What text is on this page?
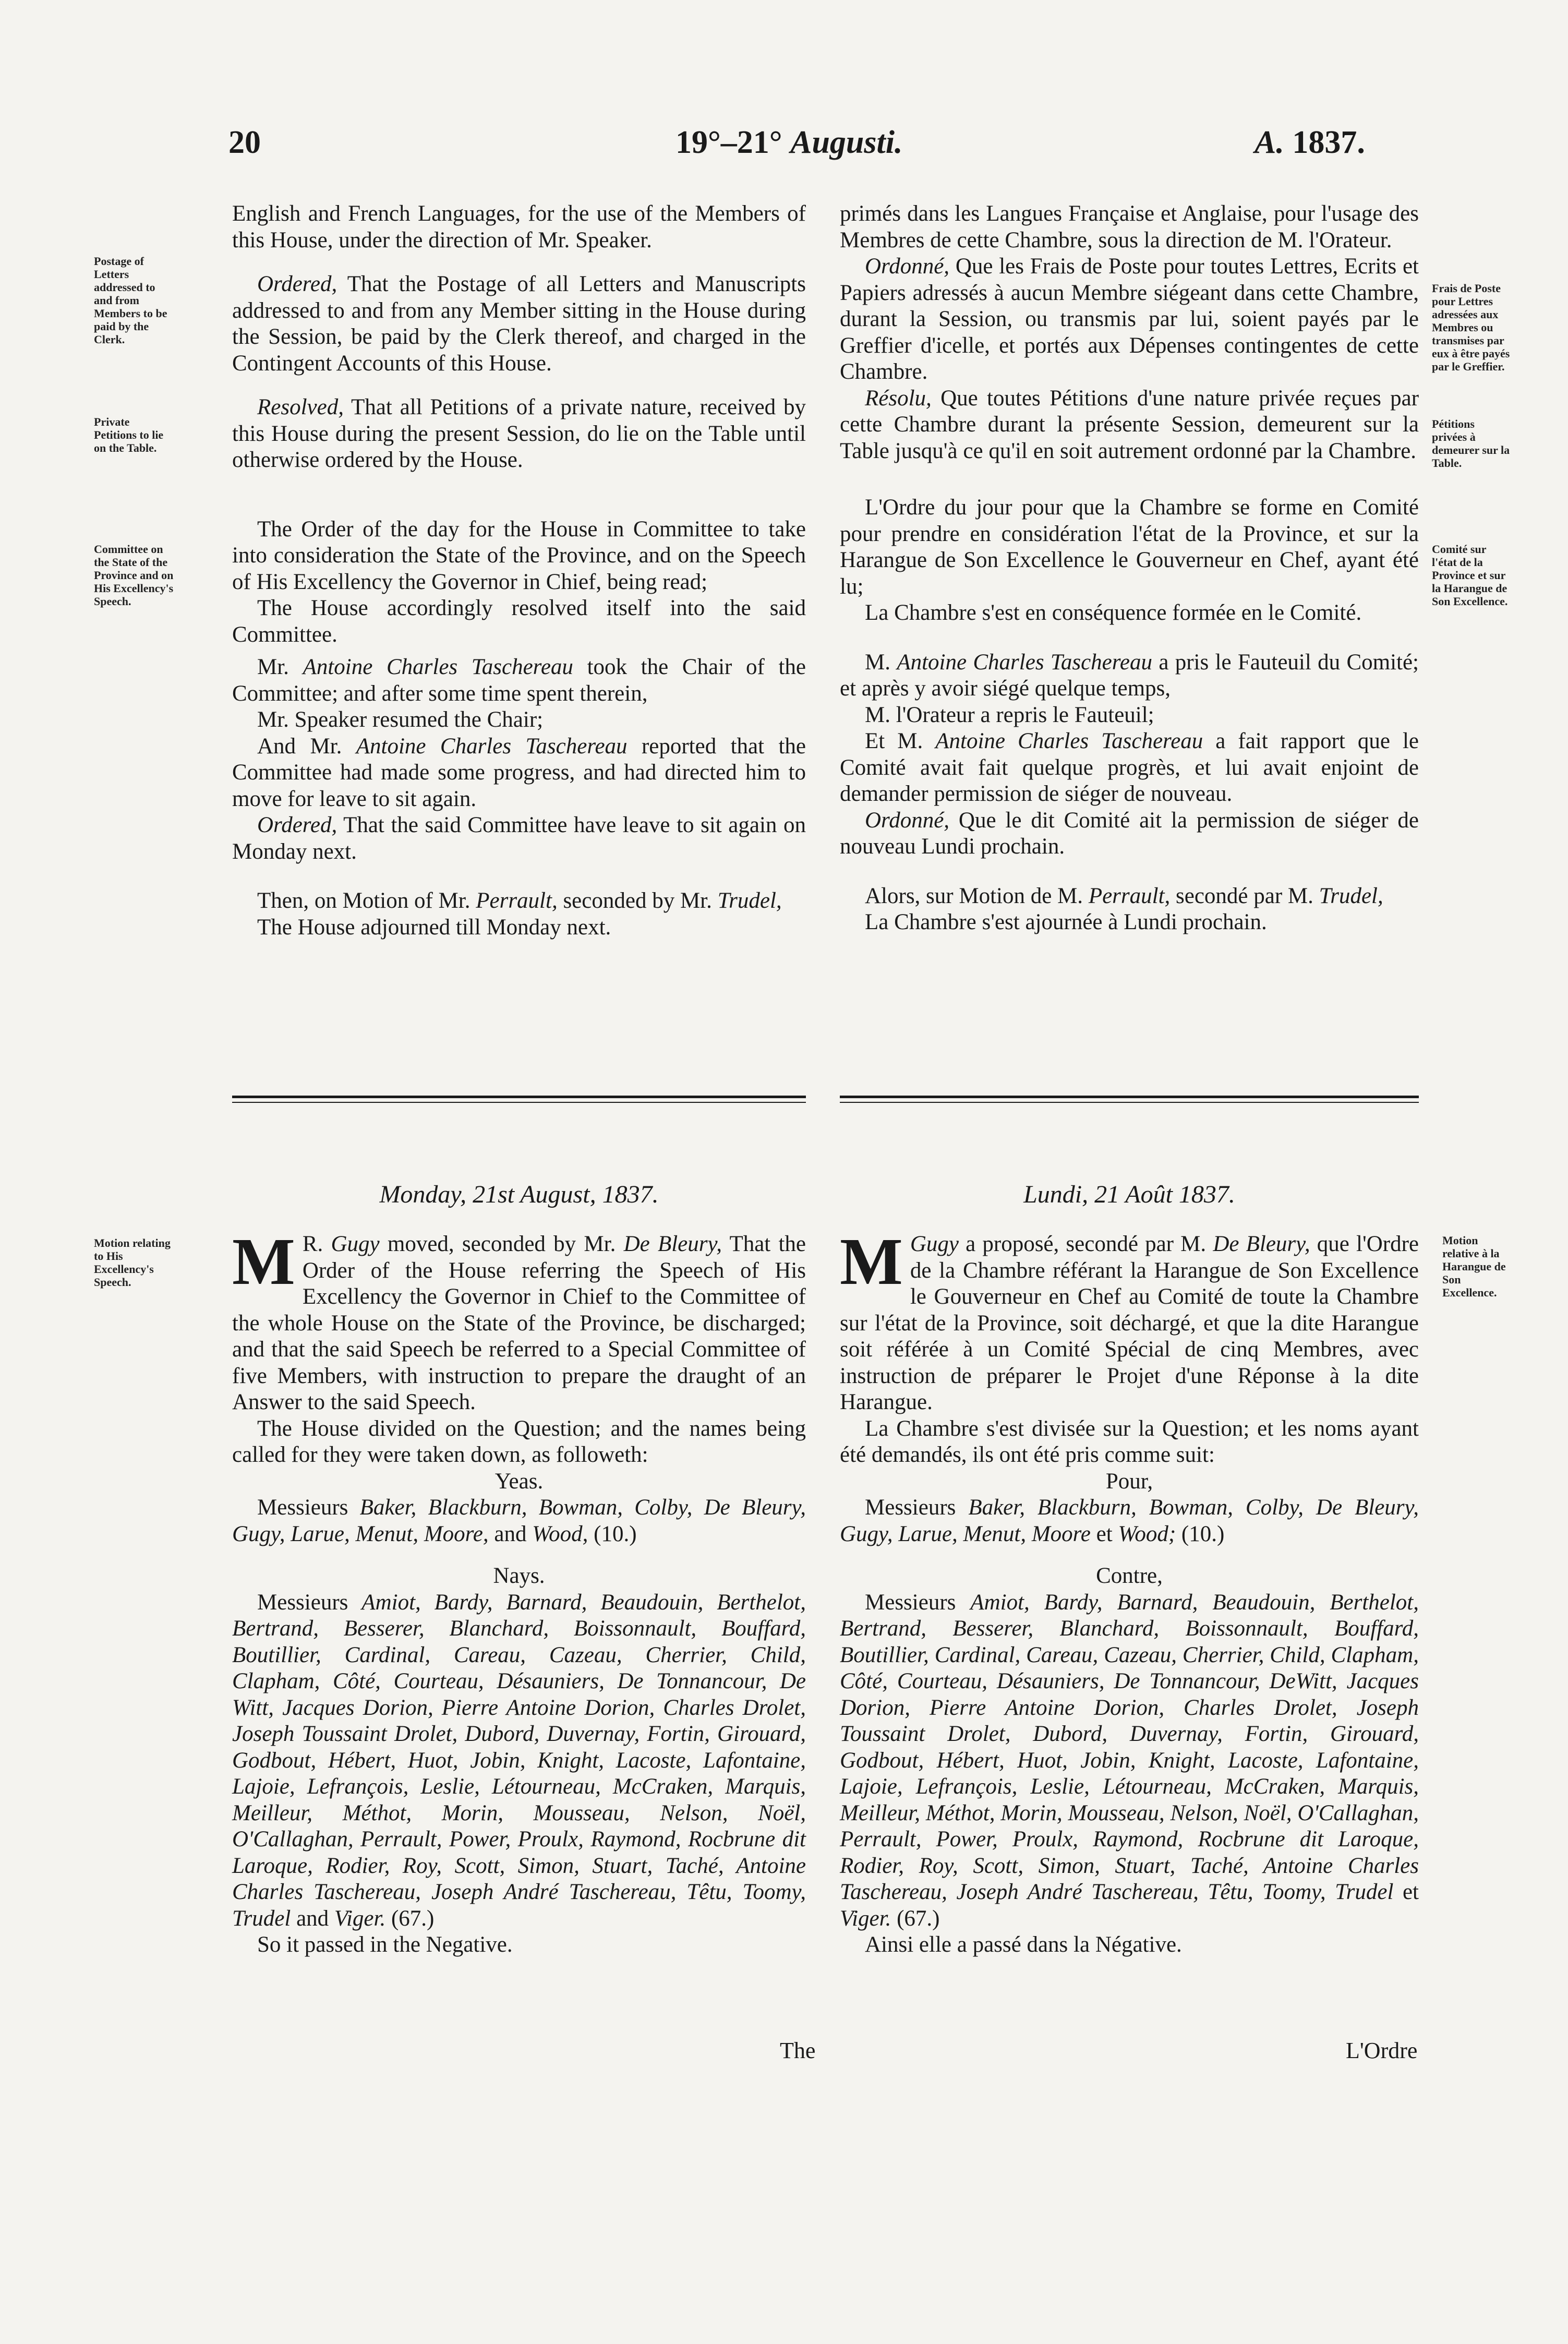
20	19°–21° Augusti.	A. 1837.
Postage of Letters addressed to and from Members to be paid by the Clerk.
Private Petitions to lie on the Table.
Committee on the State of the Province and on His Excellency's Speech.
Motion relating to His Excellency's Speech.
Frais de Poste pour Lettres adressées aux Membres ou transmises par eux à être payés par le Greffier.
Pétitions privées à demeurer sur la Table.
Comité sur l'état de la Province et sur la Harangue de Son Excellence.
Motion relative à la Harangue de Son Excellence.

English and French Languages, for the use of the Members of this House, under the direction of Mr. Speaker.

Ordered, That the Postage of all Letters and Manuscripts addressed to and from any Member sitting in the House during the Session, be paid by the Clerk thereof, and charged in the Contingent Accounts of this House.

Resolved, That all Petitions of a private nature, received by this House during the present Session, do lie on the Table until otherwise ordered by the House.

The Order of the day for the House in Committee to take into consideration the State of the Province, and on the Speech of His Excellency the Governor in Chief, being read;

The House accordingly resolved itself into the said Committee.

Mr. Antoine Charles Taschereau took the Chair of the Committee; and after some time spent therein,

Mr. Speaker resumed the Chair;

And Mr. Antoine Charles Taschereau reported that the Committee had made some progress, and had directed him to move for leave to sit again.

Ordered, That the said Committee have leave to sit again on Monday next.

Then, on Motion of Mr. Perrault, seconded by Mr. Trudel,

The House adjourned till Monday next.

primés dans les Langues Française et Anglaise, pour l'usage des Membres de cette Chambre, sous la direction de M. l'Orateur.

Ordonné, Que les Frais de Poste pour toutes Lettres, Ecrits et Papiers adressés à aucun Membre siégeant dans cette Chambre, durant la Session, ou transmis par lui, soient payés par le Greffier d'icelle, et portés aux Dépenses contingentes de cette Chambre.

Résolu, Que toutes Pétitions d'une nature privée reçues par cette Chambre durant la présente Session, demeurent sur la Table jusqu'à ce qu'il en soit autrement ordonné par la Chambre.

L'Ordre du jour pour que la Chambre se forme en Comité pour prendre en considération l'état de la Province, et sur la Harangue de Son Excellence le Gouverneur en Chef, ayant été lu;

La Chambre s'est en conséquence formée en le Comité.

M. Antoine Charles Taschereau a pris le Fauteuil du Comité; et après y avoir siégé quelque temps,

M. l'Orateur a repris le Fauteuil;

Et M. Antoine Charles Taschereau a fait rapport que le Comité avait fait quelque progrès, et lui avait enjoint de demander permission de siéger de nouveau.

Ordonné, Que le dit Comité ait la permission de siéger de nouveau Lundi prochain.

Alors, sur Motion de M. Perrault, secondé par M. Trudel,

La Chambre s'est ajournée à Lundi prochain.

Monday, 21st August, 1837.	Lundi, 21 Août 1837.

M R. Gugy moved, seconded by Mr. De Bleury, That the Order of the House referring the Speech of His Excellency the Governor in Chief to the Committee of the whole House on the State of the Province, be discharged; and that the said Speech be referred to a Special Committee of five Members, with instruction to prepare the draught of an Answer to the said Speech.

The House divided on the Question; and the names being called for they were taken down, as followeth:

Yeas.

Messieurs Baker, Blackburn, Bowman, Colby, De Bleury, Gugy, Larue, Menut, Moore, and Wood, (10.)

Nays.

Messieurs Amiot, Bardy, Barnard, Beaudouin, Berthelot, Bertrand, Besserer, Blanchard, Boissonnault, Bouffard, Boutillier, Cardinal, Careau, Cazeau, Cherrier, Child, Clapham, Côté, Courteau, Désauniers, De Tonnancour, De Witt, Jacques Dorion, Pierre Antoine Dorion, Charles Drolet, Joseph Toussaint Drolet, Dubord, Duvernay, Fortin, Girouard, Godbout, Hébert, Huot, Jobin, Knight, Lacoste, Lafontaine, Lajoie, Lefrançois, Leslie, Létourneau, McCraken, Marquis, Meilleur, Méthot, Morin, Mousseau, Nelson, Noël, O'Callaghan, Perrault, Power, Proulx, Raymond, Rocbrune dit Laroque, Rodier, Roy, Scott, Simon, Stuart, Taché, Antoine Charles Taschereau, Joseph André Taschereau, Têtu, Toomy, Trudel and Viger. (67.)

So it passed in the Negative.

M Gugy a proposé, secondé par M. De Bleury, que l'Ordre de la Chambre référant la Harangue de Son Excellence le Gouverneur en Chef au Comité de toute la Chambre sur l'état de la Province, soit déchargé, et que la dite Harangue soit référée à un Comité Spécial de cinq Membres, avec instruction de préparer le Projet d'une Réponse à la dite Harangue.

La Chambre s'est divisée sur la Question; et les noms ayant été demandés, ils ont été pris comme suit:

Pour,

Messieurs Baker, Blackburn, Bowman, Colby, De Bleury, Gugy, Larue, Menut, Moore et Wood; (10.)

Contre,

Messieurs Amiot, Bardy, Barnard, Beaudouin, Berthelot, Bertrand, Besserer, Blanchard, Boissonnault, Bouffard, Boutillier, Cardinal, Careau, Cazeau, Cherrier, Child, Clapham, Côté, Courteau, Désauniers, De Tonnancour, DeWitt, Jacques Dorion, Pierre Antoine Dorion, Charles Drolet, Joseph Toussaint Drolet, Dubord, Duvernay, Fortin, Girouard, Godbout, Hébert, Huot, Jobin, Knight, Lacoste, Lafontaine, Lajoie, Lefrançois, Leslie, Létourneau, McCraken, Marquis, Meilleur, Méthot, Morin, Mousseau, Nelson, Noël, O'Callaghan, Perrault, Power, Proulx, Raymond, Rocbrune dit Laroque, Rodier, Roy, Scott, Simon, Stuart, Taché, Antoine Charles Taschereau, Joseph André Taschereau, Têtu, Toomy, Trudel et Viger. (67.)

Ainsi elle a passé dans la Négative.

The	L'Ordre
